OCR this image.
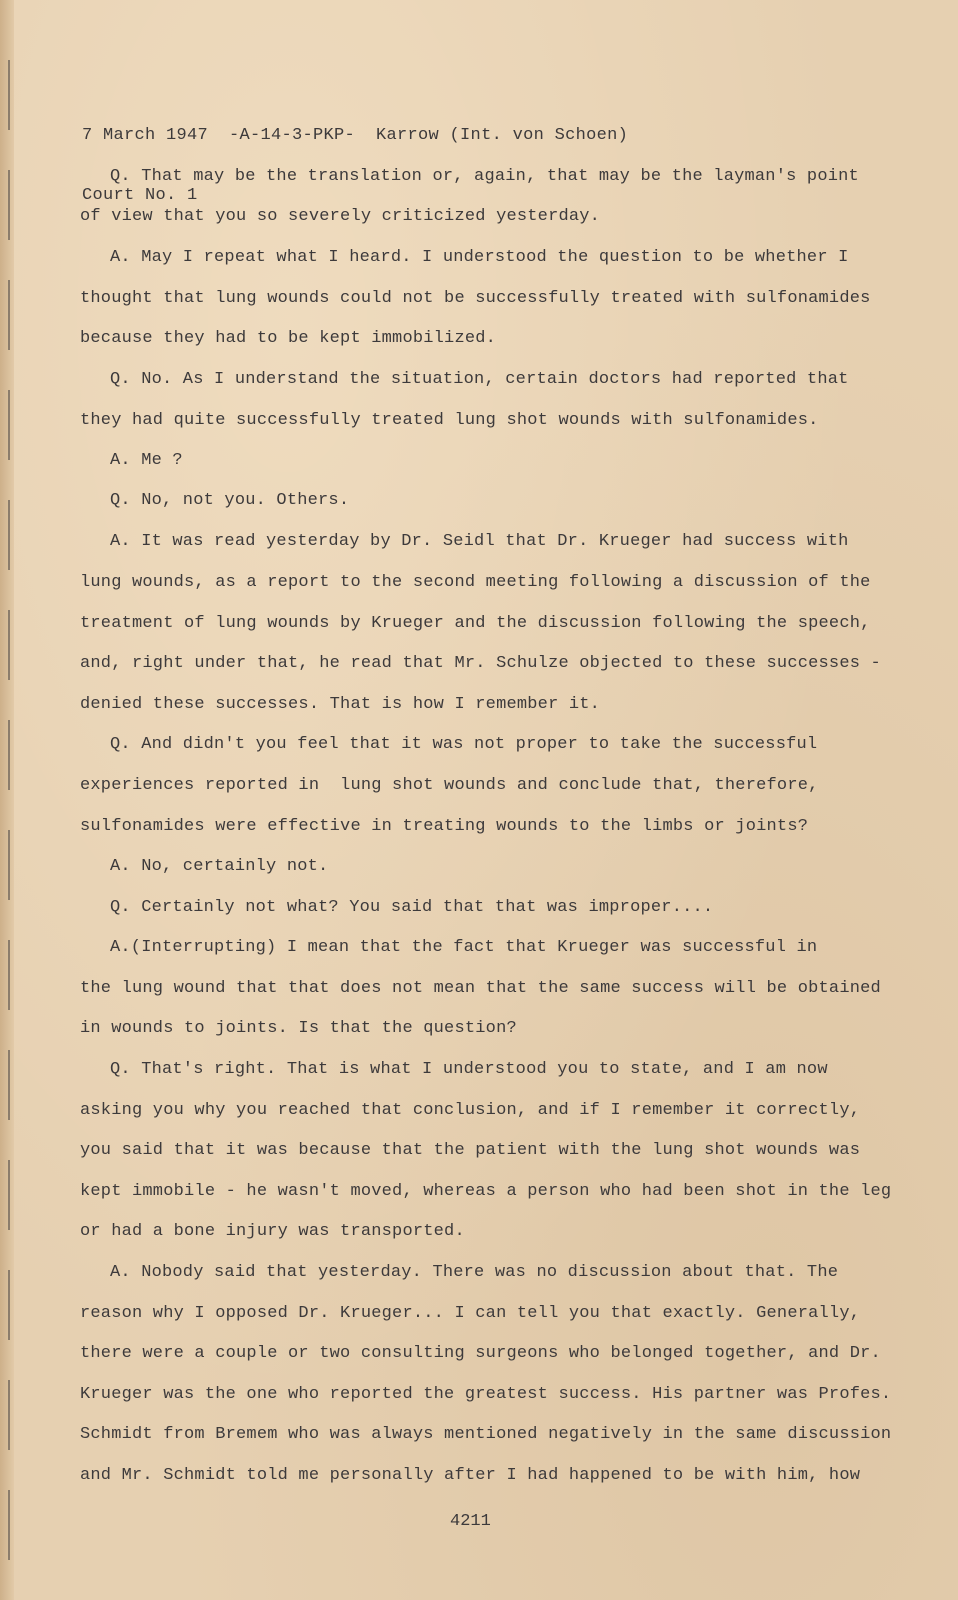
7 March 1947  -A-14-3-PKP-  Karrow (Int. von Schoen)

Court No. 1

Q. That may be the translation or, again, that may be the layman's point
of view that you so severely criticized yesterday.
A. May I repeat what I heard. I understood the question to be whether I
thought that lung wounds could not be successfully treated with sulfonamides
because they had to be kept immobilized.
Q. No. As I understand the situation, certain doctors had reported that
they had quite successfully treated lung shot wounds with sulfonamides.
A. Me ?
Q. No, not you. Others.
A. It was read yesterday by Dr. Seidl that Dr. Krueger had success with
lung wounds, as a report to the second meeting following a discussion of the
treatment of lung wounds by Krueger and the discussion following the speech,
and, right under that, he read that Mr. Schulze objected to these successes -
denied these successes. That is how I remember it.
Q. And didn't you feel that it was not proper to take the successful
experiences reported in  lung shot wounds and conclude that, therefore,
sulfonamides were effective in treating wounds to the limbs or joints?
A. No, certainly not.
Q. Certainly not what? You said that that was improper....
A.(Interrupting) I mean that the fact that Krueger was successful in
the lung wound that that does not mean that the same success will be obtained
in wounds to joints. Is that the question?
Q. That's right. That is what I understood you to state, and I am now
asking you why you reached that conclusion, and if I remember it correctly,
you said that it was because that the patient with the lung shot wounds was
kept immobile - he wasn't moved, whereas a person who had been shot in the leg
or had a bone injury was transported.
A. Nobody said that yesterday. There was no discussion about that. The
reason why I opposed Dr. Krueger... I can tell you that exactly. Generally,
there were a couple or two consulting surgeons who belonged together, and Dr.
Krueger was the one who reported the greatest success. His partner was Profes.
Schmidt from Bremem who was always mentioned negatively in the same discussion
and Mr. Schmidt told me personally after I had happened to be with him, how
4211
